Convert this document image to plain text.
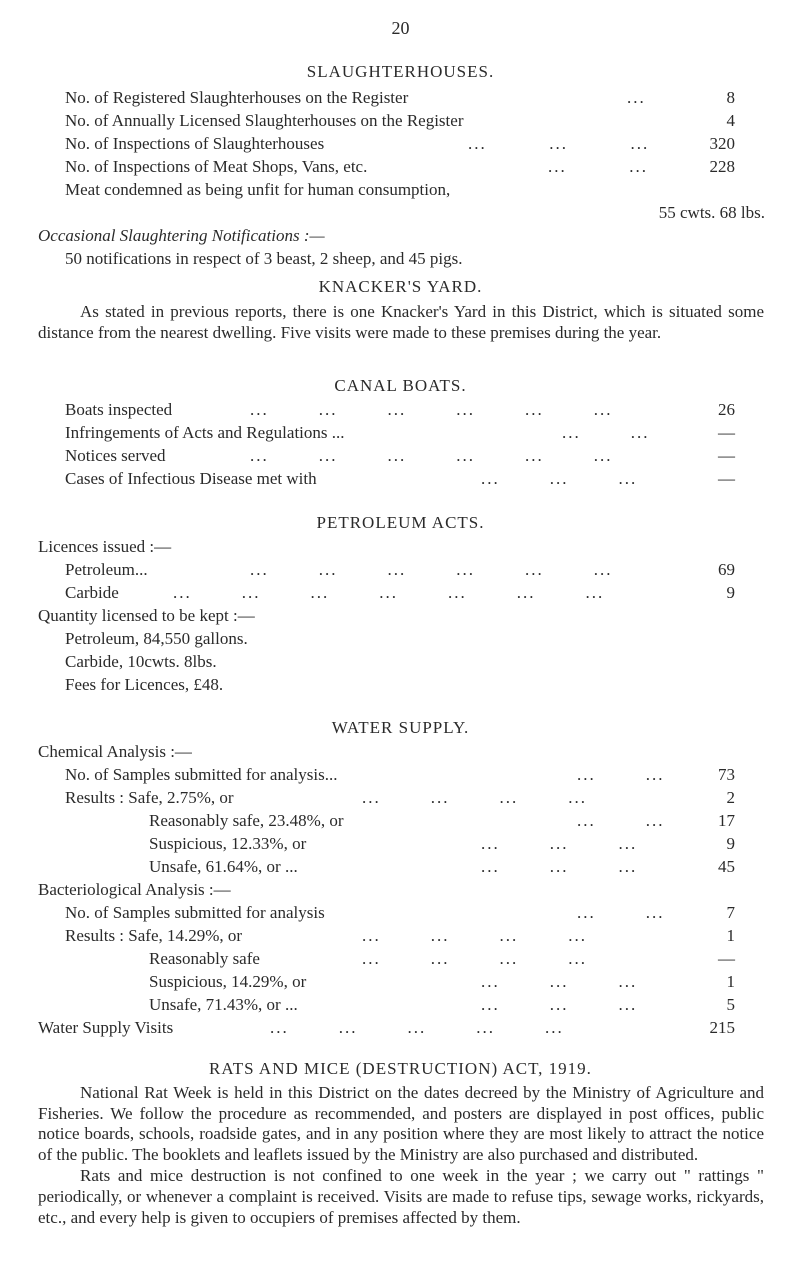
20
SLAUGHTERHOUSES.
No. of Registered Slaughterhouses on the Register	...	8
No. of Annually Licensed Slaughterhouses on the Register	4
No. of Inspections of Slaughterhouses	...          ...          ...	320
No. of Inspections of Meat Shops, Vans, etc.	...          ...	228
Meat condemned as being unfit for human consumption,
55 cwts. 68 lbs.
Occasional Slaughtering Notifications :—
50 notifications in respect of 3 beast, 2 sheep, and 45 pigs.
KNACKER'S YARD.

As stated in previous reports, there is one Knacker's Yard in this District, which is situated some distance from the nearest dwelling. Five visits were made to these premises during the year.

CANAL BOATS.
Boats inspected	...        ...        ...        ...        ...        ...	26
Infringements of Acts and Regulations ...	...        ...	—
Notices served	...        ...        ...        ...        ...        ...	—
Cases of Infectious Disease met with	...        ...        ...	—
PETROLEUM ACTS.
Licences issued :—
Petroleum...	...        ...        ...        ...        ...        ...	69
Carbide	...        ...        ...        ...        ...        ...        ...	9
Quantity licensed to be kept :—
Petroleum, 84,550 gallons.
Carbide, 10cwts. 8lbs.
Fees for Licences, £48.
WATER SUPPLY.
Chemical Analysis :—
No. of Samples submitted for analysis...	...        ...	73
Results : Safe, 2.75%, or	...        ...        ...        ...	2
Reasonably safe, 23.48%, or	...        ...	17
Suspicious, 12.33%, or	...        ...        ...	9
Unsafe, 61.64%, or ...	...        ...        ...	45
Bacteriological Analysis :—
No. of Samples submitted for analysis	...        ...	7
Results : Safe, 14.29%, or	...        ...        ...        ...	1
Reasonably safe	...        ...        ...        ...	—
Suspicious, 14.29%, or	...        ...        ...	1
Unsafe, 71.43%, or ...	...        ...        ...	5
Water Supply Visits	...        ...        ...        ...        ...	215
RATS AND MICE (DESTRUCTION) ACT, 1919.

National Rat Week is held in this District on the dates decreed by the Ministry of Agriculture and Fisheries. We follow the procedure as recommended, and posters are displayed in post offices, public notice boards, schools, roadside gates, and in any position where they are most likely to attract the notice of the public. The booklets and leaflets issued by the Ministry are also purchased and distributed.

Rats and mice destruction is not confined to one week in the year ; we carry out " rattings " periodically, or whenever a complaint is received. Visits are made to refuse tips, sewage works, rickyards, etc., and every help is given to occupiers of premises affected by them.
